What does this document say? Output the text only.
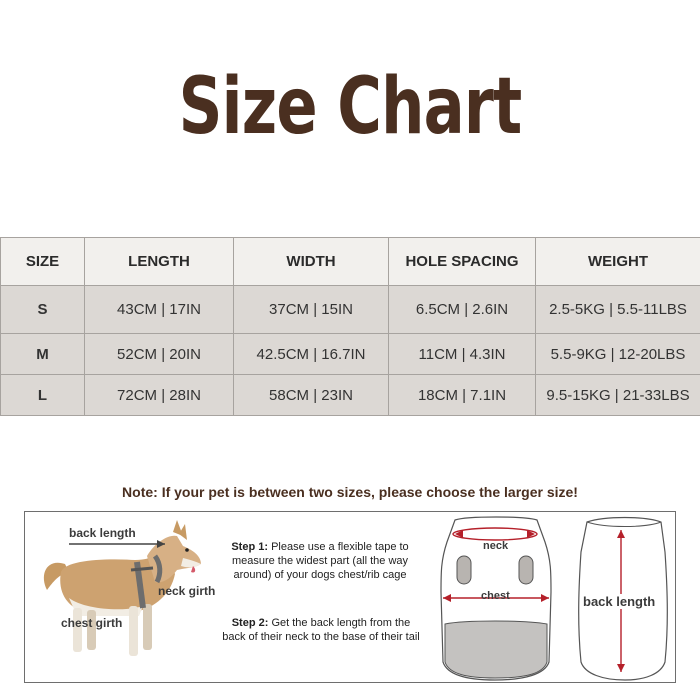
Size Chart
SIZE	LENGTH	WIDTH	HOLE SPACING	WEIGHT
S	43CM | 17IN	37CM | 15IN	6.5CM | 2.6IN	2.5-5KG | 5.5-11LBS
M	52CM | 20IN	42.5CM | 16.7IN	11CM | 4.3IN	5.5-9KG | 12-20LBS
L	72CM | 28IN	58CM | 23IN	18CM | 7.1IN	9.5-15KG | 21-33LBS
Note: If your pet is between two sizes, please choose the larger size!
back length
neck girth
chest girth
Step 1: Please use a flexible tape to measure the widest part (all the way around) of your dogs chest/rib cage
Step 2: Get the back length from the back of their neck to the base of their tail
neck
chest	back length
